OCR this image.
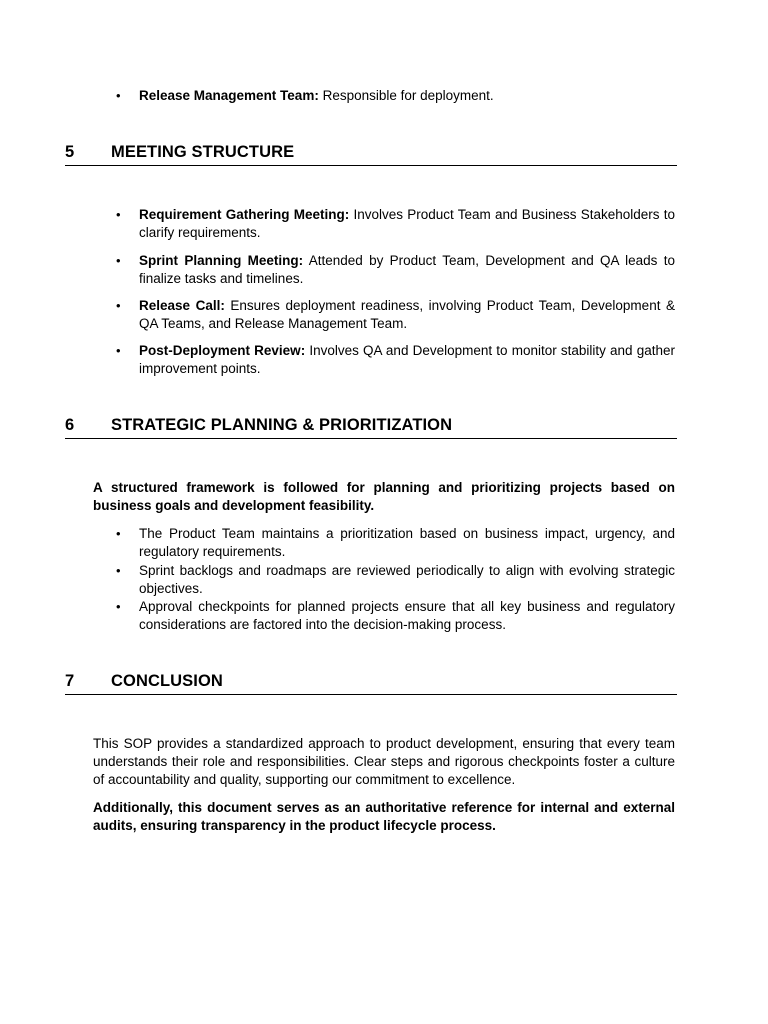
•	Release Management Team: Responsible for deployment.
5 MEETING STRUCTURE
•	Requirement Gathering Meeting: Involves Product Team and Business Stakeholders to clarify requirements.
•	Sprint Planning Meeting: Attended by Product Team, Development and QA leads to finalize tasks and timelines.
•	Release Call: Ensures deployment readiness, involving Product Team, Development & QA Teams, and Release Management Team.
•	Post-Deployment Review: Involves QA and Development to monitor stability and gather improvement points.
6 STRATEGIC PLANNING & PRIORITIZATION
A structured framework is followed for planning and prioritizing projects based on business goals and development feasibility.
•	The Product Team maintains a prioritization based on business impact, urgency, and regulatory requirements.
•	Sprint backlogs and roadmaps are reviewed periodically to align with evolving strategic objectives.
•	Approval checkpoints for planned projects ensure that all key business and regulatory considerations are factored into the decision-making process.
7 CONCLUSION
This SOP provides a standardized approach to product development, ensuring that every team understands their role and responsibilities. Clear steps and rigorous checkpoints foster a culture of accountability and quality, supporting our commitment to excellence.
Additionally, this document serves as an authoritative reference for internal and external audits, ensuring transparency in the product lifecycle process.
